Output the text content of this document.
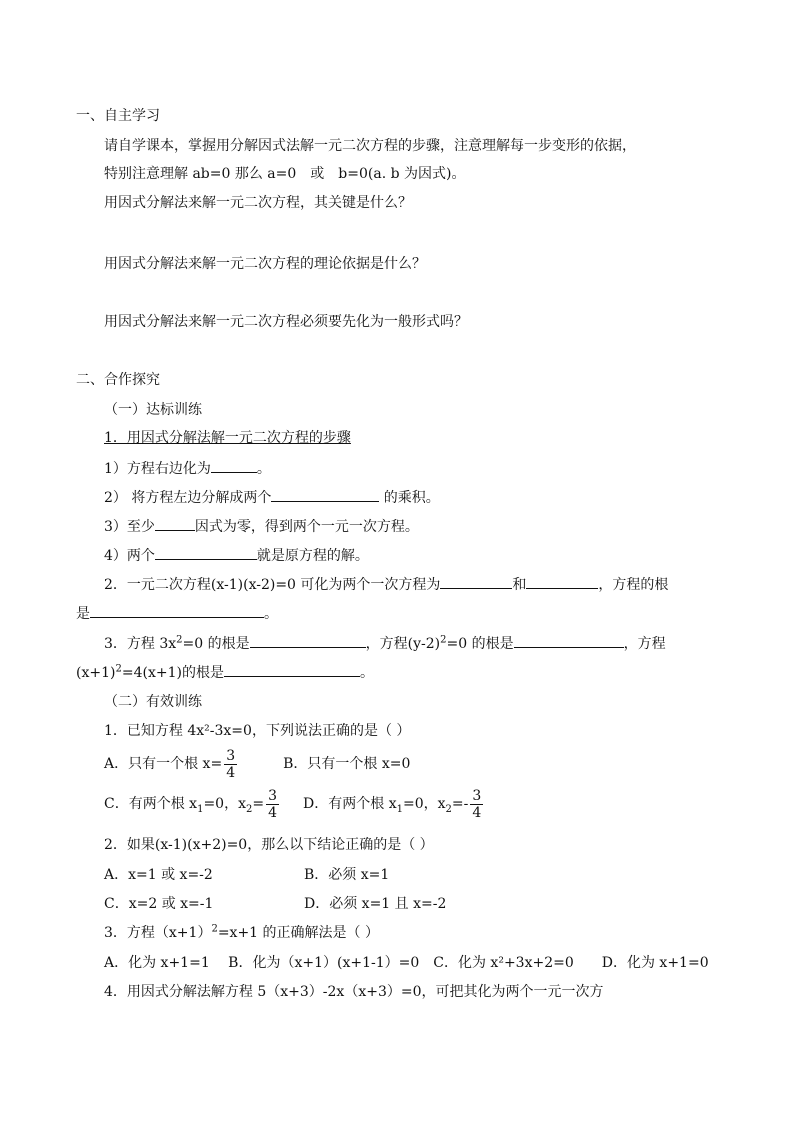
一、自主学习
请自学课本，掌握用分解因式法解一元二次方程的步骤，注意理解每一步变形的依据，
特别注意理解 ab=0 那么 a=0　或　b=0(a. b 为因式)。
用因式分解法来解一元二次方程，其关键是什么？
用因式分解法来解一元二次方程的理论依据是什么？
用因式分解法来解一元二次方程必须要先化为一般形式吗？
二、合作探究
（一）达标训练
1．用因式分解法解一元二次方程的步骤
1）方程右边化为	。
2） 将方程左边分解成两个	的乘积。
3）至少	因式为零，得到两个一元一次方程。
4）两个	就是原方程的解。
2．一元二次方程(x-1)(x-2)=0 可化为两个一次方程为	和	，方程的根
是	。
3．方程 $3x^2=0$ 的根是	，方程$(y-2)^2=0$ 的根是	，方程
$(x+1)^2=4(x+1)$的根是	。
（二）有效训练
1．已知方程 4x²-3x=0，下列说法正确的是（ ）
A．只有一个根 $x= \frac{3}{4}$	B．只有一个根 x=0
C．有两个根 $x_1=0$，$x_2= \frac{3}{4}$ D．有两个根 $x_1=0$，$x_2=- \frac{3}{4}$
2．如果(x-1)(x+2)=0，那么以下结论正确的是（ ）
A．x=1 或 x=-2	B．必须 x=1
C．x=2 或 x=-1	D．必须 x=1 且 x=-2
3．方程$(x+1)^2=x+1$ 的正确解法是（ ）
A．化为 x+1=1　 B．化为（x+1）(x+1-1）=0　C．化为 x²+3x+2=0　　D．化为 x+1=0
4．用因式分解法解方程 5（x+3）-2x（x+3）=0，可把其化为两个一元一次方
